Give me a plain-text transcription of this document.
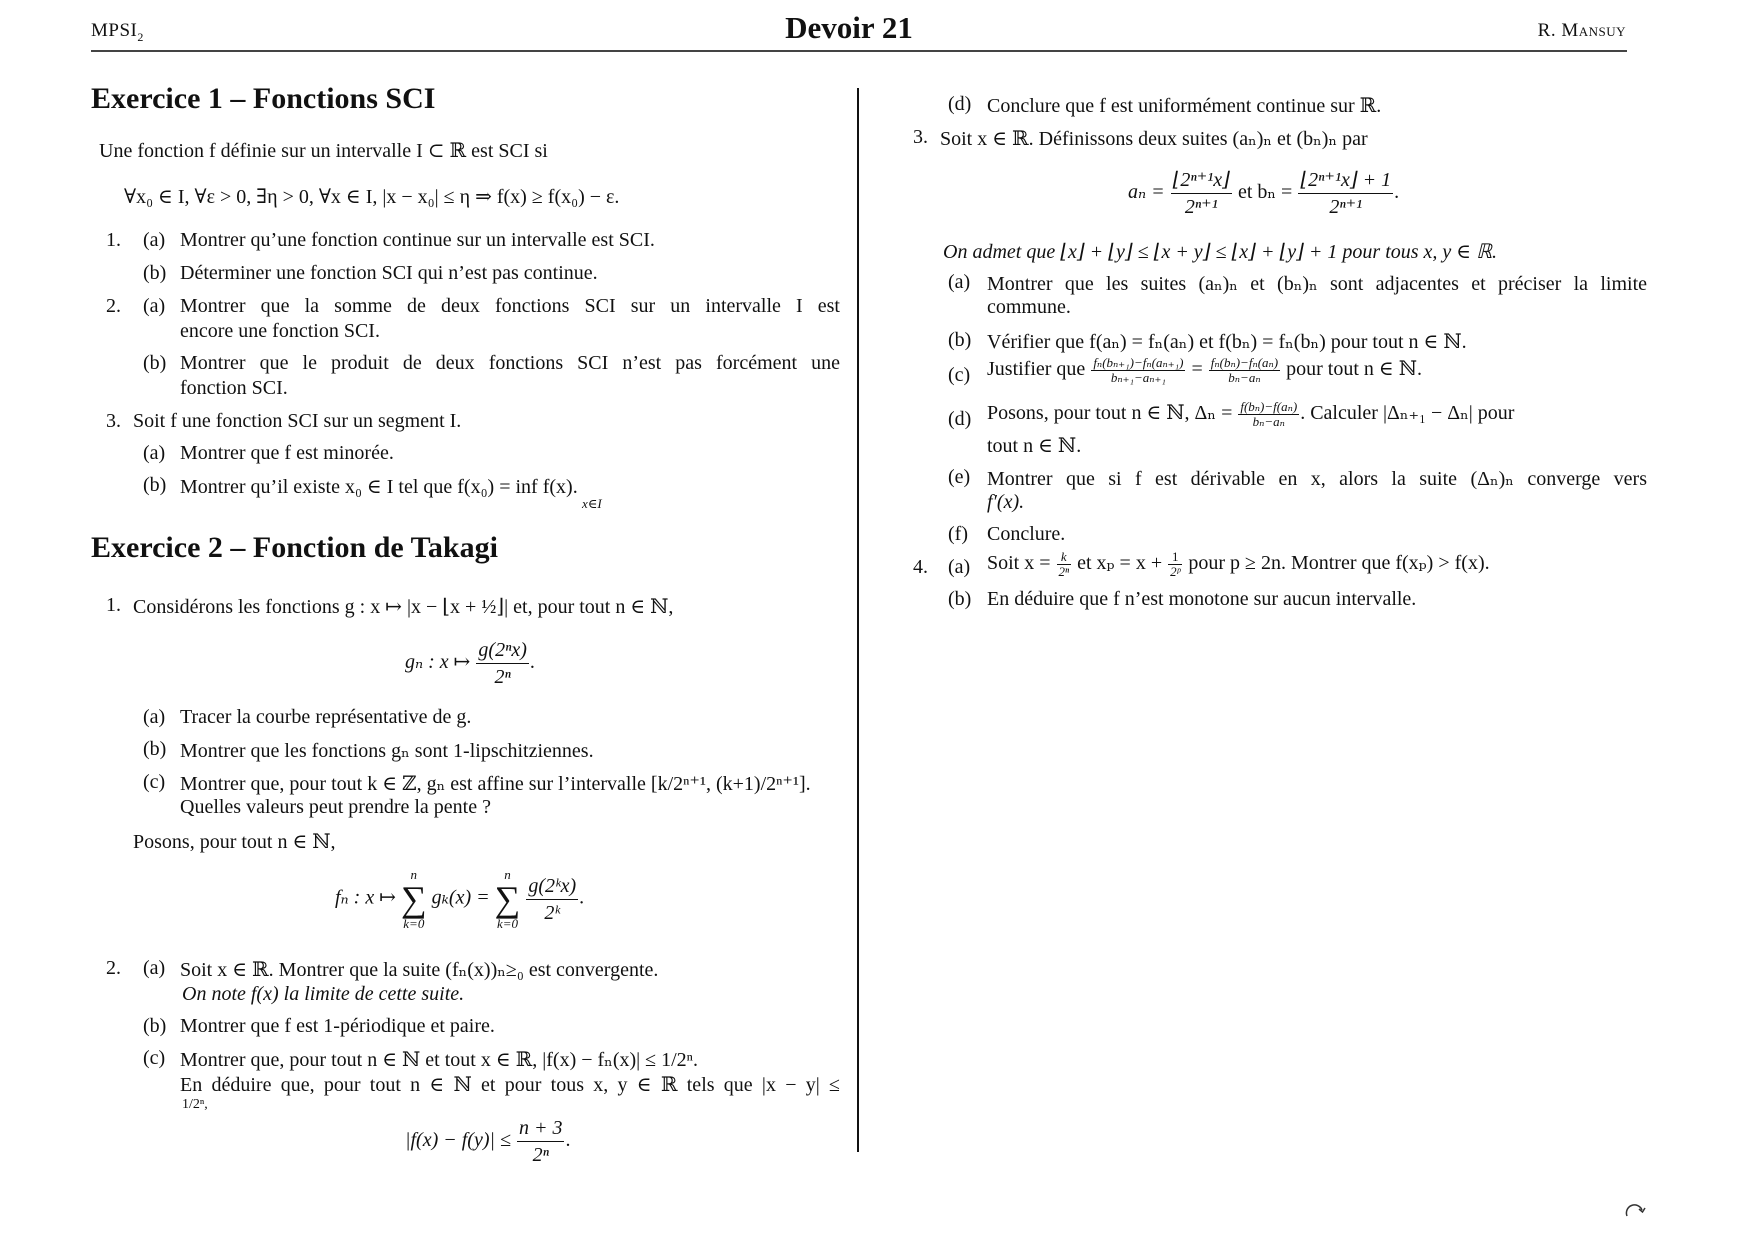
$MPSI_2$	Devoir 21	R. Mansuy
Exercice 1 – Fonctions SCI
Une fonction f définie sur un intervalle I ⊂ ℝ est SCI si
∀x₀ ∈ I, ∀ε > 0, ∃η > 0, ∀x ∈ I, |x − x₀| ≤ η ⇒ f(x) ≥ f(x₀) − ε.
1. (a) Montrer qu’une fonction continue sur un intervalle est SCI.
(b) Déterminer une fonction SCI qui n’est pas continue.
2. (a) Montrer que la somme de deux fonctions SCI sur un intervalle I est
encore une fonction SCI.
(b) Montrer que le produit de deux fonctions SCI n’est pas forcément une
fonction SCI.
3. Soit f une fonction SCI sur un segment I.
(a) Montrer que f est minorée.
(b) Montrer qu’il existe x₀ ∈ I tel que f(x₀) = inf f(x).
x∈I
Exercice 2 – Fonction de Takagi
1. Considérons les fonctions g : x ↦ |x − ⌊x + ½⌋| et, pour tout n ∈ ℕ,
gₙ : x ↦ $\frac{\text{g(2ⁿx)}}{\text{2ⁿ}}$ .
(a) Tracer la courbe représentative de g.
(b) Montrer que les fonctions gₙ sont 1-lipschitziennes.
(c) Montrer que, pour tout k ∈ ℤ, gₙ est affine sur l’intervalle [k/2ⁿ⁺¹, (k+1)/2ⁿ⁺¹].
Quelles valeurs peut prendre la pente ?
Posons, pour tout n ∈ ℕ,
fₙ : x ↦
n
∑
k=0
gₖ(x) =
n
∑
k=0

$\frac{\text{g(2ᵏx)}}{\text{2ᵏ}}$ .
2. (a) Soit x ∈ ℝ. Montrer que la suite (fₙ(x))ₙ≥₀ est convergente.
On note f(x) la limite de cette suite.
(b) Montrer que f est 1-périodique et paire.
(c) Montrer que, pour tout n ∈ ℕ et tout x ∈ ℝ, |f(x) − fₙ(x)| ≤ 1/2ⁿ.
En déduire que, pour tout n ∈ ℕ et pour tous x, y ∈ ℝ tels que |x − y| ≤
1/2ⁿ,
$|f(x) - f(y)| \le \frac{n + 3}{\text{2ⁿ}}$ .
(d) Conclure que f est uniformément continue sur ℝ.
3. Soit x ∈ ℝ. Définissons deux suites (aₙ)ₙ et (bₙ)ₙ par
$a_n = \frac{\text{⌊2ⁿ⁺¹x⌋}}{\text{2ⁿ⁺¹}}$ et $b_n = \frac{\text{⌊2ⁿ⁺¹x⌋ + 1}}{\text{2ⁿ⁺¹}}$ .
On admet que ⌊x⌋ + ⌊y⌋ ≤ ⌊x + y⌋ ≤ ⌊x⌋ + ⌊y⌋ + 1 pour tous x, y ∈ ℝ.
(a) Montrer que les suites (aₙ)ₙ et (bₙ)ₙ sont adjacentes et préciser la limite
commune.
(b) Vérifier que f(aₙ) = fₙ(aₙ) et f(bₙ) = fₙ(bₙ) pour tout n ∈ ℕ.
(c) Justifier que $\frac{\text{fₙ(bₙ₊₁)−fₙ(aₙ₊₁)}}{\text{bₙ₊₁−aₙ₊₁}} = \frac{\text{fₙ(bₙ)−fₙ(aₙ)}}{\text{bₙ−aₙ}}$ pour tout n ∈ ℕ.
(d) Posons, pour tout n ∈ ℕ, $\Delta_n = \frac{\text{f(bₙ)−f(aₙ)}}{\text{bₙ−aₙ}}$ . Calculer |Δₙ₊₁ − Δₙ| pour
tout n ∈ ℕ.
(e) Montrer que si f est dérivable en x, alors la suite (Δₙ)ₙ converge vers
f′(x).
(f) Conclure.
4. (a) Soit $x = \frac{k}{\text{2ⁿ}}$ et $x_p = x + \frac{1}{\text{2ᵖ}}$ pour p ≥ 2n. Montrer que f(xₚ) > f(x).
(b) En déduire que f n’est monotone sur aucun intervalle.
